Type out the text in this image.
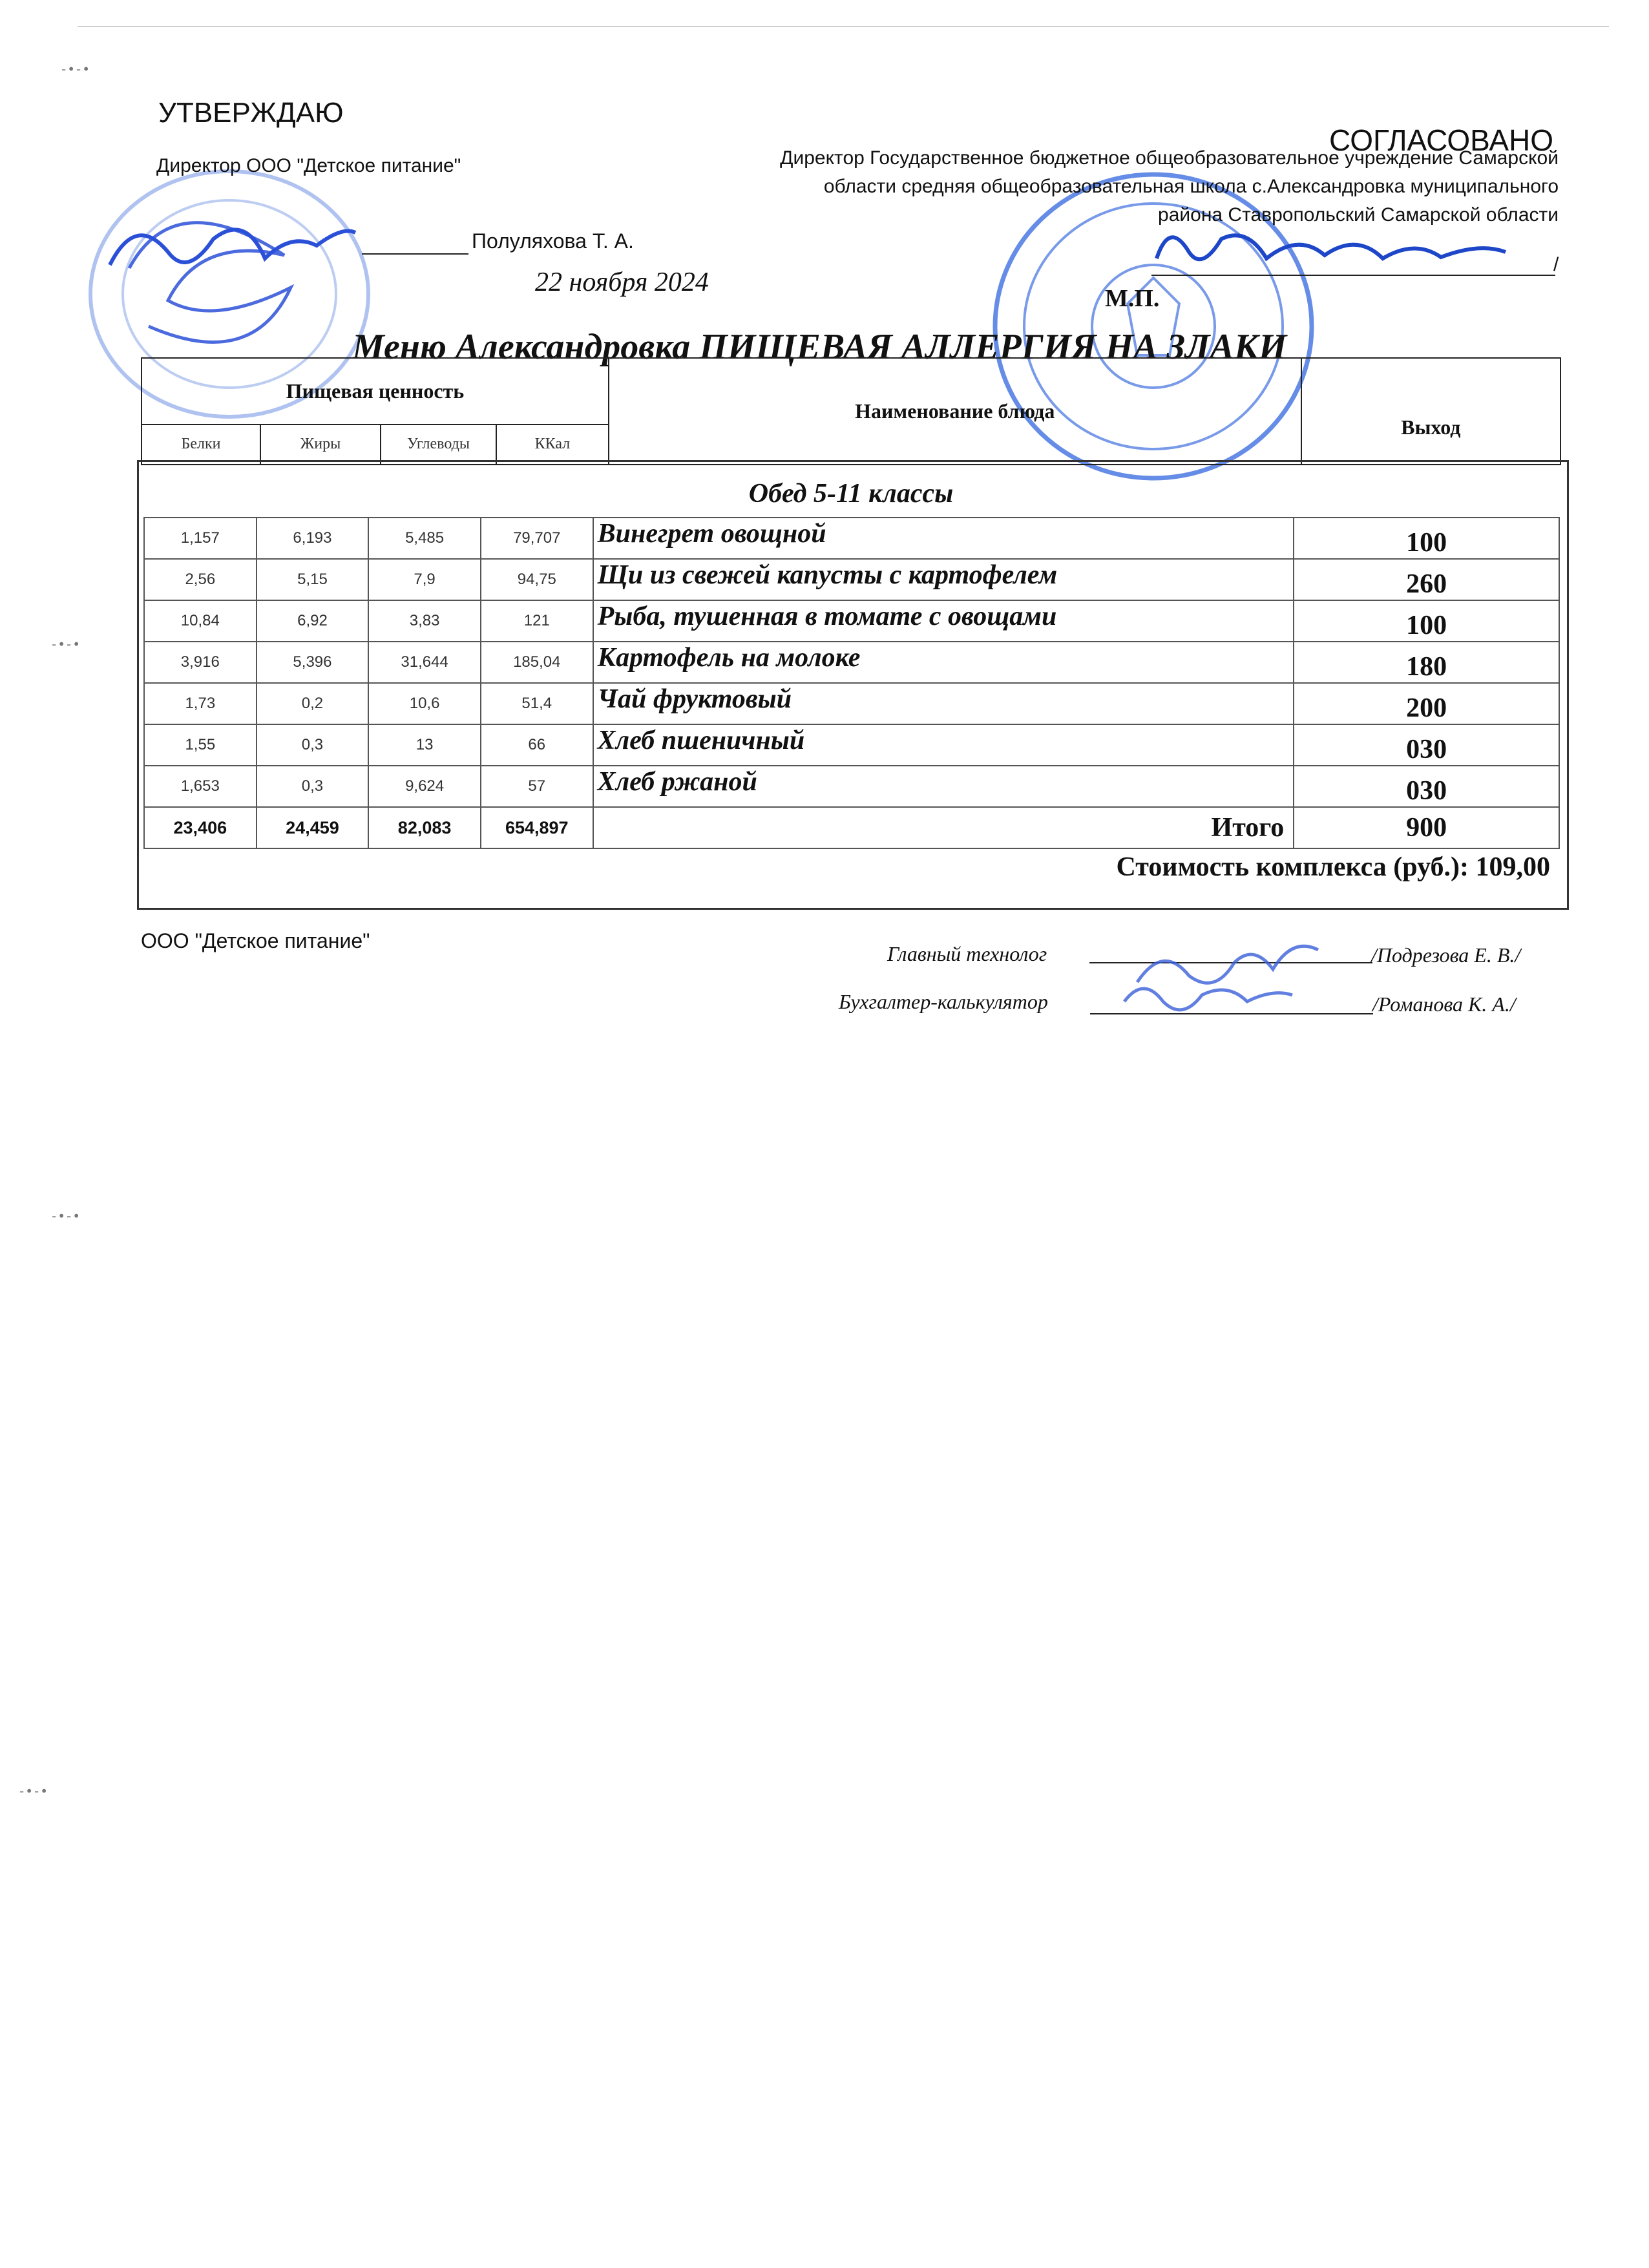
-•-•
-•-•
-•-•
-•-•
УТВЕРЖДАЮ
Директор ООО "Детское питание"
Полуляхова Т. А.
22 ноября 2024
СОГЛАСОВАНО
Директор Государственное бюджетное общеобразовательное учреждение Самарской
области средняя общеобразовательная школа с.Александровка муниципального
района Ставропольский Самарской области
/
М.П.
Меню Александровка ПИЩЕВАЯ АЛЛЕРГИЯ НА ЗЛАКИ
Пищевая ценность				Наименование блюда	Выход
Белки	Жиры	Углеводы	ККал		
Обед 5-11 классы
1,157	6,193	5,485	79,707	Винегрет овощной	100
2,56	5,15	7,9	94,75	Щи из свежей капусты с картофелем	260
10,84	6,92	3,83	121	Рыба, тушенная в томате с овощами	100
3,916	5,396	31,644	185,04	Картофель на молоке	180
1,73	0,2	10,6	51,4	Чай фруктовый	200
1,55	0,3	13	66	Хлеб пшеничный	030
1,653	0,3	9,624	57	Хлеб ржаной	030
23,406	24,459	82,083	654,897	Итого	900
Стоимость комплекса (руб.): 109,00					
ООО "Детское питание"
Главный технолог	/Подрезова Е. В./
Бухгалтер-калькулятор	/Романова К. А./
